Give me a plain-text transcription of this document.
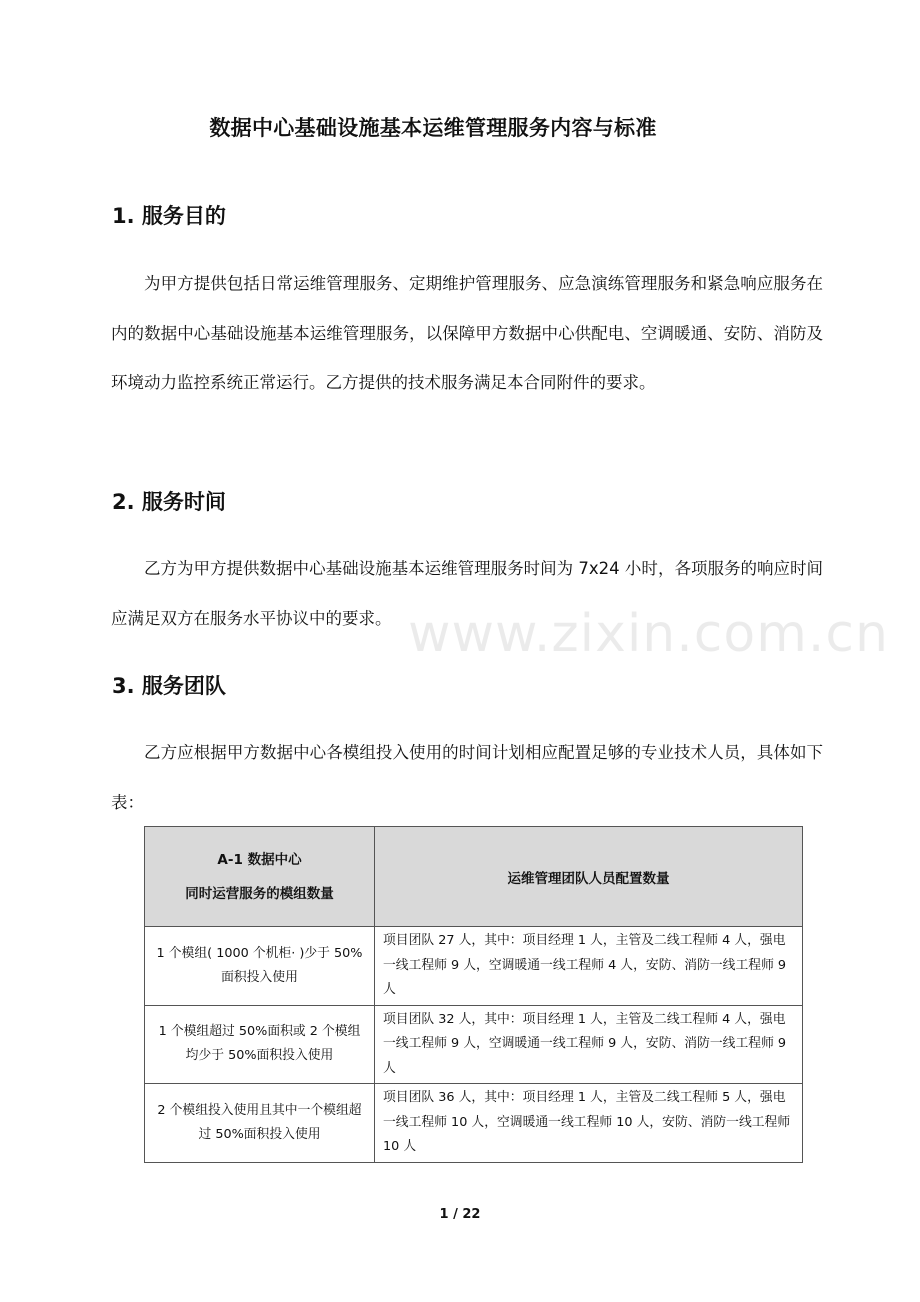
数据中心基础设施基本运维管理服务内容与标准
1. 服务目的

为甲方提供包括日常运维管理服务、定期维护管理服务、应急演练管理服务和紧急响应服务在内的数据中心基础设施基本运维管理服务，以保障甲方数据中心供配电、空调暖通、安防、消防及环境动力监控系统正常运行。乙方提供的技术服务满足本合同附件的要求。

2. 服务时间

乙方为甲方提供数据中心基础设施基本运维管理服务时间为 7x24 小时，各项服务的响应时间应满足双方在服务水平协议中的要求。

3. 服务团队

乙方应根据甲方数据中心各模组投入使用的时间计划相应配置足够的专业技术人员，具体如下表：

www.zixin.com.cn
A-1 数据中心
同时运营服务的模组数量	运维管理团队人员配置数量
1 个模组( 1000 个机柜· )少于 50%面积投入使用	项目团队 27 人，其中：项目经理 1 人，主管及二线工程师 4 人，强电一线工程师 9 人，空调暖通一线工程师 4 人，安防、消防一线工程师 9 人
1 个模组超过 50%面积或 2 个模组均少于 50%面积投入使用	项目团队 32 人，其中：项目经理 1 人，主管及二线工程师 4 人，强电一线工程师 9 人，空调暖通一线工程师 9 人，安防、消防一线工程师 9 人
2 个模组投入使用且其中一个模组超过 50%面积投入使用	项目团队 36 人，其中：项目经理 1 人，主管及二线工程师 5 人，强电一线工程师 10 人，空调暖通一线工程师 10 人，安防、消防一线工程师 10 人
1 / 22
